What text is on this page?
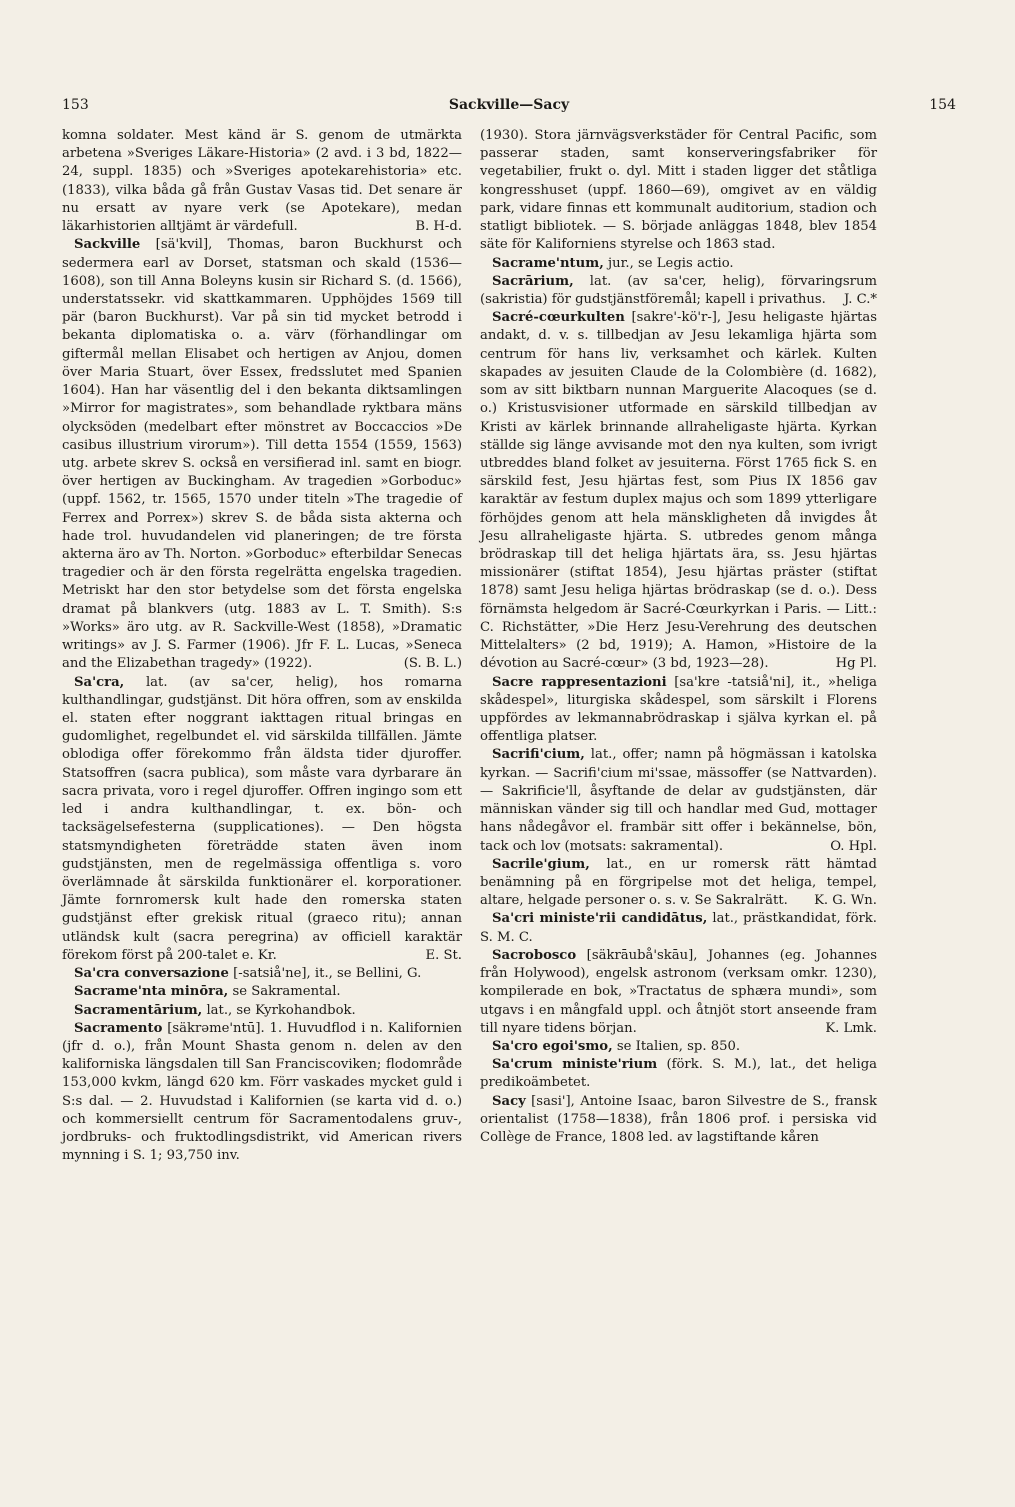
153	Sackville—Sacy	154

komna soldater. Mest känd är S. genom de utmärkta arbetena »Sveriges Läkare-Historia» (2 avd. i 3 bd, 1822—24, suppl. 1835) och »Sveriges apotekarehistoria» etc. (1833), vilka båda gå från Gustav Vasas tid. Det senare är nu ersatt av nyare verk (se Apotekare), medan läkarhistorien alltjämt är värdefull.	B. H-d.

Sackville [sä'kvil], Thomas, baron Buckhurst och sedermera earl av Dorset, statsman och skald (1536—1608), son till Anna Boleyns kusin sir Richard S. (d. 1566), understatssekr. vid skattkammaren. Upphöjdes 1569 till pär (baron Buckhurst). Var på sin tid mycket betrodd i bekanta diplomatiska o. a. värv (förhandlingar om giftermål mellan Elisabet och hertigen av Anjou, domen över Maria Stuart, över Essex, fredsslutet med Spanien 1604). Han har väsentlig del i den bekanta diktsamlingen »Mirror for magistrates», som behandlade ryktbara mäns olycksöden (medelbart efter mönstret av Boccaccios »De casibus illustrium virorum»). Till detta 1554 (1559, 1563) utg. arbete skrev S. också en versifierad inl. samt en biogr. över hertigen av Buckingham. Av tragedien »Gorboduc» (uppf. 1562, tr. 1565, 1570 under titeln »The tragedie of Ferrex and Porrex») skrev S. de båda sista akterna och hade trol. huvudandelen vid planeringen; de tre första akterna äro av Th. Norton. »Gorboduc» efterbildar Senecas tragedier och är den första regelrätta engelska tragedien. Metriskt har den stor betydelse som det första engelska dramat på blankvers (utg. 1883 av L. T. Smith). S:s »Works» äro utg. av R. Sackville-West (1858), »Dramatic writings» av J. S. Farmer (1906). Jfr F. L. Lucas, »Seneca and the Elizabethan tragedy» (1922).	(S. B. L.)

Sa'cra, lat. (av sa'cer, helig), hos romarna kulthandlingar, gudstjänst. Dit höra offren, som av enskilda el. staten efter noggrant iakttagen ritual bringas en gudomlighet, regelbundet el. vid särskilda tillfällen. Jämte oblodiga offer förekommo från äldsta tider djuroffer. Statsoffren (sacra publica), som måste vara dyrbarare än sacra privata, voro i regel djuroffer. Offren ingingo som ett led i andra kulthandlingar, t. ex. bön- och tacksägelsefesterna (supplicationes). — Den högsta statsmyndigheten företrädde staten även inom gudstjänsten, men de regelmässiga offentliga s. voro överlämnade åt särskilda funktionärer el. korporationer. Jämte fornromersk kult hade den romerska staten gudstjänst efter grekisk ritual (graeco ritu); annan utländsk kult (sacra peregrina) av officiell karaktär förekom först på 200-talet e. Kr.	E. St.

Sa'cra conversazione [-satsiå'ne], it., se Bellini, G.

Sacrame'nta minōra, se Sakramental.

Sacramentārium, lat., se Kyrkohandbok.

Sacramento [säkrəme'ntū]. 1. Huvudflod i n. Kalifornien (jfr d. o.), från Mount Shasta genom n. delen av den kaliforniska längsdalen till San Franciscoviken; flodområde 153,000 kvkm, längd 620 km. Förr vaskades mycket guld i S:s dal. — 2. Huvudstad i Kalifornien (se karta vid d. o.) och kommersiellt centrum för Sacramentodalens gruv-, jordbruks- och fruktodlingsdistrikt, vid American rivers mynning i S. 1; 93,750 inv.

(1930). Stora järnvägsverkstäder för Central Pacific, som passerar staden, samt konserveringsfabriker för vegetabilier, frukt o. dyl. Mitt i staden ligger det ståtliga kongresshuset (uppf. 1860—69), omgivet av en väldig park, vidare finnas ett kommunalt auditorium, stadion och statligt bibliotek. — S. började anläggas 1848, blev 1854 säte för Kaliforniens styrelse och 1863 stad.

Sacrame'ntum, jur., se Legis actio.

Sacrārium, lat. (av sa'cer, helig), förvaringsrum (sakristia) för gudstjänstföremål; kapell i privathus.	J. C.*

Sacré-cœurkulten [sakre'-kö'r-], Jesu heligaste hjärtas andakt, d. v. s. tillbedjan av Jesu lekamliga hjärta som centrum för hans liv, verksamhet och kärlek. Kulten skapades av jesuiten Claude de la Colombière (d. 1682), som av sitt biktbarn nunnan Marguerite Alacoques (se d. o.) Kristusvisioner utformade en särskild tillbedjan av Kristi av kärlek brinnande allraheligaste hjärta. Kyrkan ställde sig länge avvisande mot den nya kulten, som ivrigt utbreddes bland folket av jesuiterna. Först 1765 fick S. en särskild fest, Jesu hjärtas fest, som Pius IX 1856 gav karaktär av festum duplex majus och som 1899 ytterligare förhöjdes genom att hela mänskligheten då invigdes åt Jesu allraheligaste hjärta. S. utbredes genom många brödraskap till det heliga hjärtats ära, ss. Jesu hjärtas missionärer (stiftat 1854), Jesu hjärtas präster (stiftat 1878) samt Jesu heliga hjärtas brödraskap (se d. o.). Dess förnämsta helgedom är Sacré-Cœurkyrkan i Paris. — Litt.: C. Richstätter, »Die Herz Jesu-Verehrung des deutschen Mittelalters» (2 bd, 1919); A. Hamon, »Histoire de la dévotion au Sacré-cœur» (3 bd, 1923—28).	Hg Pl.

Sacre rappresentazioni [sa'kre -tatsiå'ni], it., »heliga skådespel», liturgiska skådespel, som särskilt i Florens uppfördes av lekmannabrödraskap i själva kyrkan el. på offentliga platser.

Sacrifi'cium, lat., offer; namn på högmässan i katolska kyrkan. — Sacrifi'cium mi'ssae, mässoffer (se Nattvarden). — Sakrificie'll, åsyftande de delar av gudstjänsten, där människan vänder sig till och handlar med Gud, mottager hans nådegåvor el. frambär sitt offer i bekännelse, bön, tack och lov (motsats: sakramental).	O. Hpl.

Sacrile'gium, lat., en ur romersk rätt hämtad benämning på en förgripelse mot det heliga, tempel, altare, helgade personer o. s. v. Se Sakralrätt.	K. G. Wn.

Sa'cri ministe'rii candidātus, lat., prästkandidat, förk. S. M. C.

Sacrobosco [säkrāubå'skāu], Johannes (eg. Johannes från Holywood), engelsk astronom (verksam omkr. 1230), kompilerade en bok, »Tractatus de sphæra mundi», som utgavs i en mångfald uppl. och åtnjöt stort anseende fram till nyare tidens början.	K. Lmk.

Sa'cro egoi'smo, se Italien, sp. 850.

Sa'crum ministe'rium (förk. S. M.), lat., det heliga predikoämbetet.

Sacy [sasi'], Antoine Isaac, baron Silvestre de S., fransk orientalist (1758—1838), från 1806 prof. i persiska vid Collège de France, 1808 led. av lagstiftande kåren
